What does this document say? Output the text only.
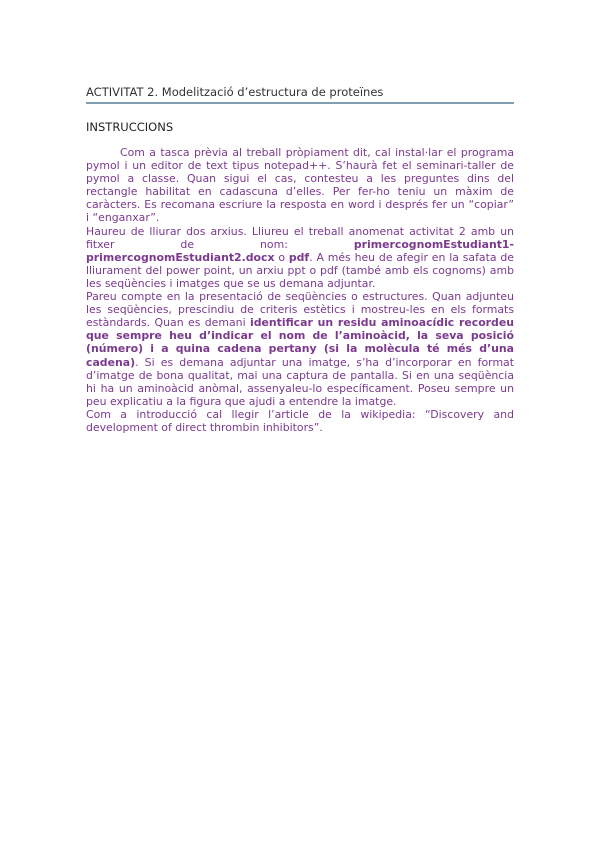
ACTIVITAT 2. Modelització d’estructura de proteïnes
INSTRUCCIONS

Com a tasca prèvia al treball pròpiament dit, cal instal·lar el programa pymol i un editor de text tipus notepad++. S’haurà fet el seminari-taller de pymol a classe. Quan sigui el cas, contesteu a les preguntes dins del rectangle habilitat en cadascuna d’elles. Per fer-ho teniu un màxim de caràcters. Es recomana escriure la resposta en word i després fer un “copiar” i “enganxar”.

Haureu de lliurar dos arxius. Lliureu el treball anomenat activitat 2 amb un fitxer de nom: primercognomEstudiant1-primercognomEstudiant2.docx o pdf. A més heu de afegir en la safata de lliurament del power point, un arxiu ppt o pdf (també amb els cognoms) amb les seqüències i imatges que se us demana adjuntar.

Pareu compte en la presentació de seqüències o estructures. Quan adjunteu les seqüències, prescindiu de criteris estètics i mostreu-les en els formats estàndards. Quan es demani identificar un residu aminoacídic recordeu que sempre heu d’indicar el nom de l’aminoàcid, la seva posició (número) i a quina cadena pertany (si la molècula té més d’una cadena). Si es demana adjuntar una imatge, s’ha d’incorporar en format d’imatge de bona qualitat, mai una captura de pantalla. Si en una seqüència hi ha un aminoàcid anòmal, assenyaleu-lo específicament. Poseu sempre un peu explicatiu a la figura que ajudi a entendre la imatge.

Com a introducció cal llegir l’article de la wikipedia: “Discovery and development of direct thrombin inhibitors”.
